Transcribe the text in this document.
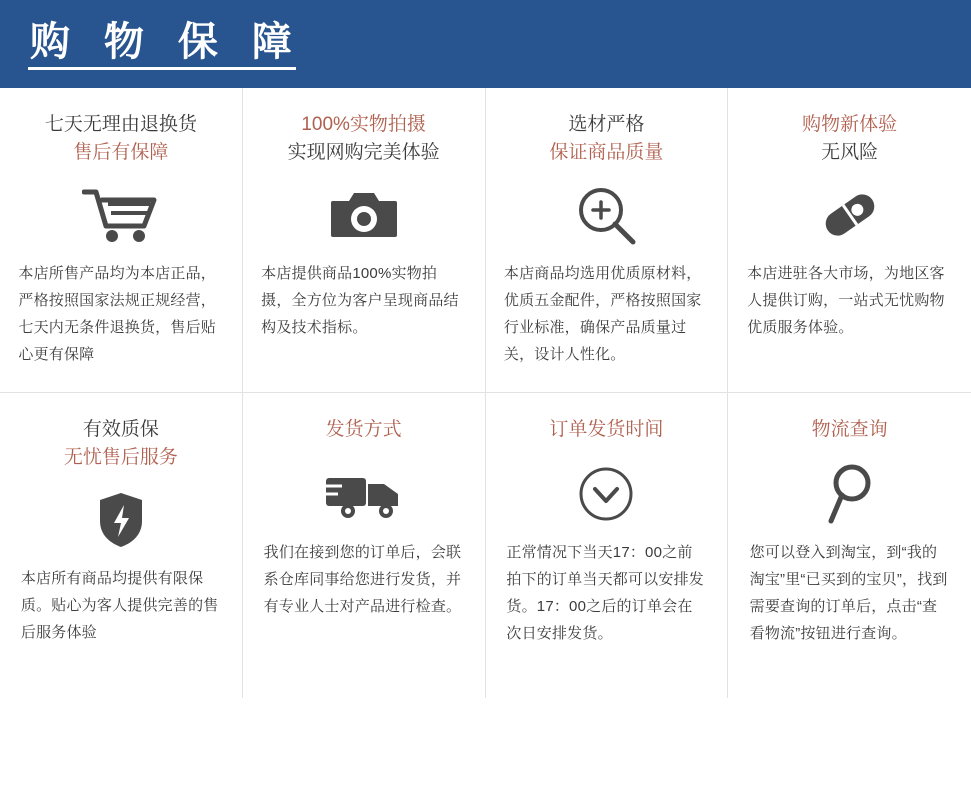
购 物 保 障
七天无理由退换货
售后有保障
本店所售产品均为本店正品，严格按照国家法规正规经营，七天内无条件退换货，售后贴心更有保障
100%实物拍摄
实现网购完美体验
本店提供商品100%实物拍摄，全方位为客户呈现商品结构及技术指标。
选材严格
保证商品质量
本店商品均选用优质原材料，优质五金配件，严格按照国家行业标准，确保产品质量过关，设计人性化。
购物新体验
无风险
本店进驻各大市场，为地区客人提供订购，一站式无忧购物优质服务体验。
有效质保
无忧售后服务
本店所有商品均提供有限保质。贴心为客人提供完善的售后服务体验
发货方式
我们在接到您的订单后，会联系仓库同事给您进行发货，并有专业人士对产品进行检查。
订单发货时间
正常情况下当天17：00之前拍下的订单当天都可以安排发货。17：00之后的订单会在次日安排发货。
物流查询
您可以登入到淘宝，到“我的淘宝”里“已买到的宝贝”，找到需要查询的订单后，点击“查看物流”按钮进行查询。
